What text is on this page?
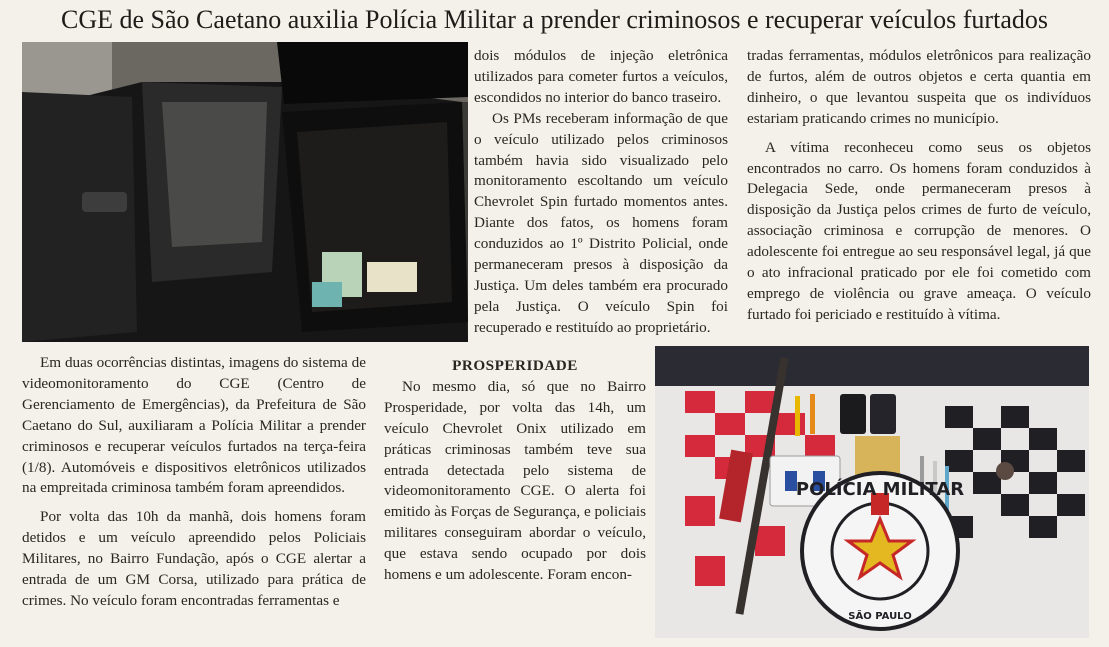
CGE de São Caetano auxilia Polícia Militar a prender criminosos e recuperar veículos furtados
POLÍCIA MILITAR
SÃO PAULO

Em duas ocorrências distintas, imagens do sistema de videomonitoramento do CGE (Centro de Gerenciamento de Emergências), da Prefeitura de São Caetano do Sul, auxiliaram a Polícia Militar a prender criminosos e recuperar veículos furtados na terça-feira (1/8). Automóveis e dispositivos eletrônicos utilizados na empreitada criminosa também foram apreendidos.

Por volta das 10h da manhã, dois homens foram detidos e um veículo apreendido pelos Policiais Militares, no Bairro Fundação, após o CGE alertar a entrada de um GM Corsa, utilizado para prática de crimes. No veículo foram encontradas ferramentas e

dois módulos de injeção eletrônica utilizados para cometer furtos a veículos, escondidos no interior do banco traseiro.

Os PMs receberam informação de que o veículo utilizado pelos criminosos também havia sido visualizado pelo monitoramento escoltando um veículo Chevrolet Spin furtado momentos antes. Diante dos fatos, os homens foram conduzidos ao 1º Distrito Policial, onde permaneceram presos à disposição da Justiça. Um deles também era procurado pela Justiça. O veículo Spin foi recuperado e restituído ao proprietário.

PROSPERIDADE

No mesmo dia, só que no Bairro Prosperidade, por volta das 14h, um veículo Chevrolet Onix utilizado em práticas criminosas também teve sua entrada detectada pelo sistema de videomonitoramento CGE. O alerta foi emitido às Forças de Segurança, e policiais militares conseguiram abordar o veículo, que estava sendo ocupado por dois homens e um adolescente. Foram encon-

tradas ferramentas, módulos eletrônicos para realização de furtos, além de outros objetos e certa quantia em dinheiro, o que levantou suspeita que os indivíduos estariam praticando crimes no município.

A vítima reconheceu como seus os objetos encontrados no carro. Os homens foram conduzidos à Delegacia Sede, onde permaneceram presos à disposição da Justiça pelos crimes de furto de veículo, associação criminosa e corrupção de menores. O adolescente foi entregue ao seu responsável legal, já que o ato infracional praticado por ele foi cometido com emprego de violência ou grave ameaça. O veículo furtado foi periciado e restituído à vítima.
